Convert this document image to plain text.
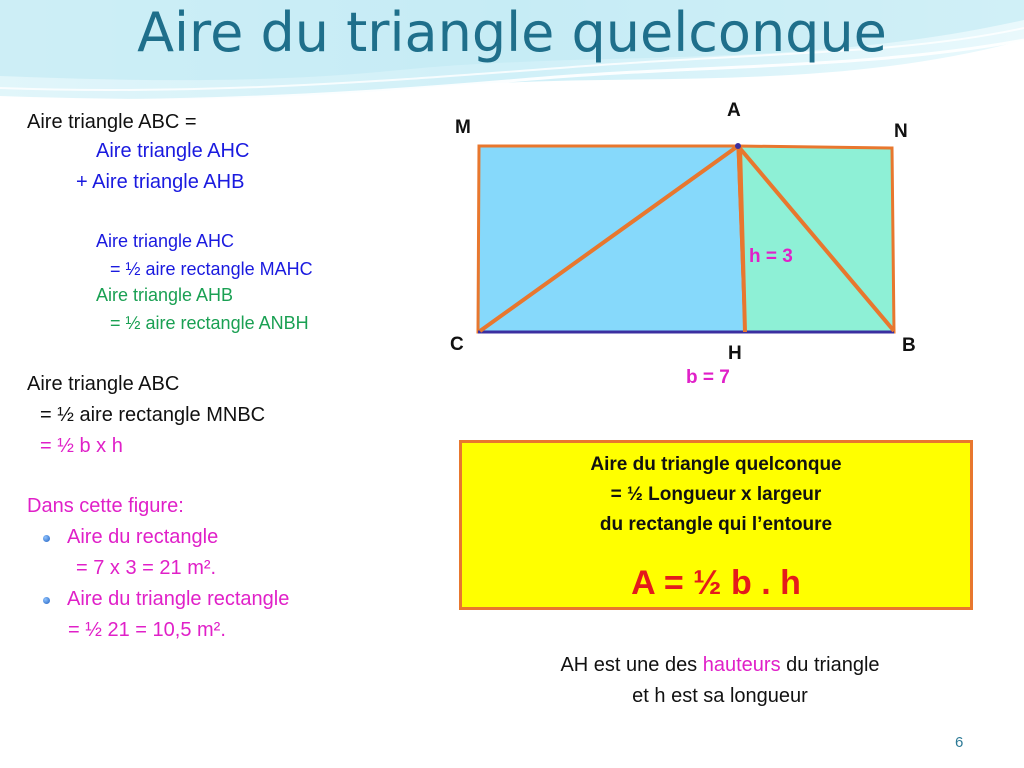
Aire du triangle quelconque
Aire triangle ABC =
Aire triangle AHC
+ Aire triangle AHB
Aire triangle AHC
= ½ aire rectangle MAHC
Aire triangle AHB
= ½ aire rectangle ANBH
Aire triangle ABC
= ½ aire rectangle MNBC
= ½ b x h
Dans cette figure:
Aire du rectangle
= 7 x 3 = 21 m².
Aire du triangle rectangle
= ½ 21 = 10,5 m².
A
M	N
C	H	B
h = 3
b = 7
Aire du triangle quelconque
= ½ Longueur x largeur
du rectangle qui l’entoure
A = ½ b . h
AH est une des hauteurs du triangle
et h est sa longueur
6
